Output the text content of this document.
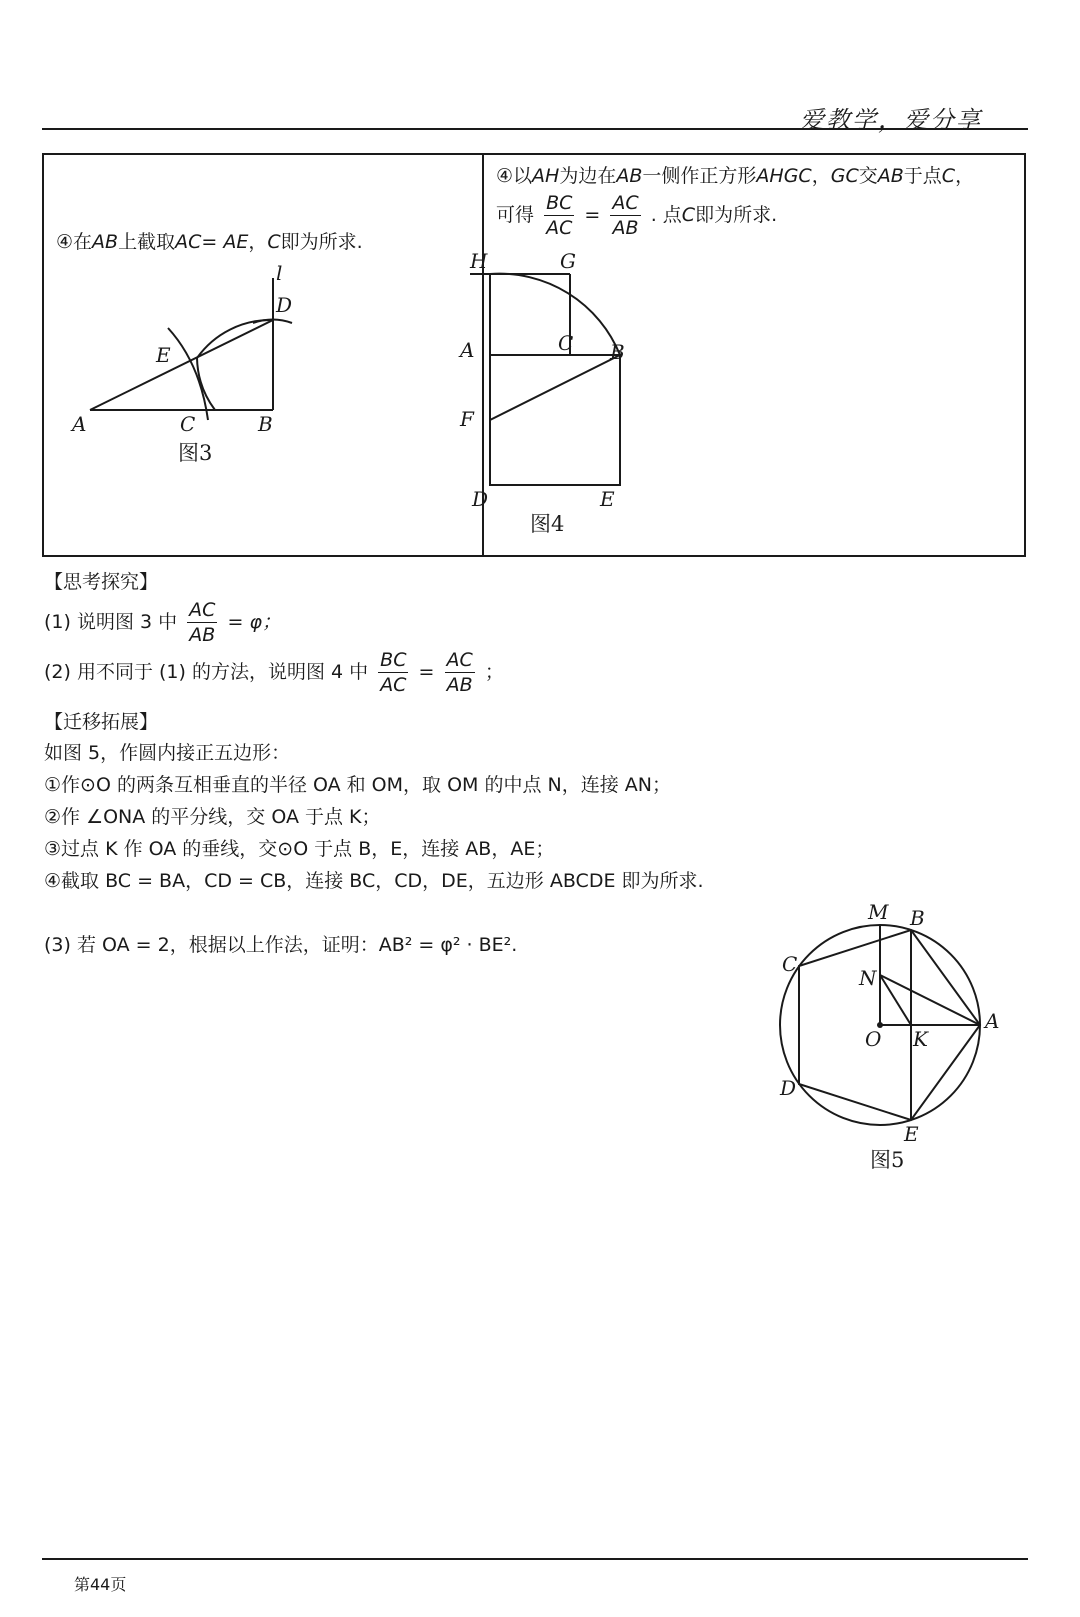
爱教学，爱分享
④在AB上截取AC= AE，C即为所求.
④以AH为边在AB一侧作正方形AHGC，GC交AB于点C，
可得 $\frac{BC}{AC} = \frac{AC}{AB}$ . 点C即为所求.
l
D
E
A	C	B
图3
H	G
A	C B
F
D	E
图4
【思考探究】
(1) 说明图 3 中 $\frac{AC}{AB} = \varphi$；
(2) 用不同于 (1) 的方法，说明图 4 中 $\frac{BC}{AC} = \frac{AC}{AB}$ ；
【迁移拓展】
如图 5，作圆内接正五边形：
①作⊙O 的两条互相垂直的半径 OA 和 OM，取 OM 的中点 N，连接 AN；
②作 ∠ONA 的平分线，交 OA 于点 K；
③过点 K 作 OA 的垂线，交⊙O 于点 B，E，连接 AB，AE；
④截取 BC = BA，CD = CB，连接 BC，CD，DE，五边形 ABCDE 即为所求.
(3) 若 OA = 2，根据以上作法，证明：AB² = φ² · BE².
M B
C
N
A
O K
D
E
图5
第44页
